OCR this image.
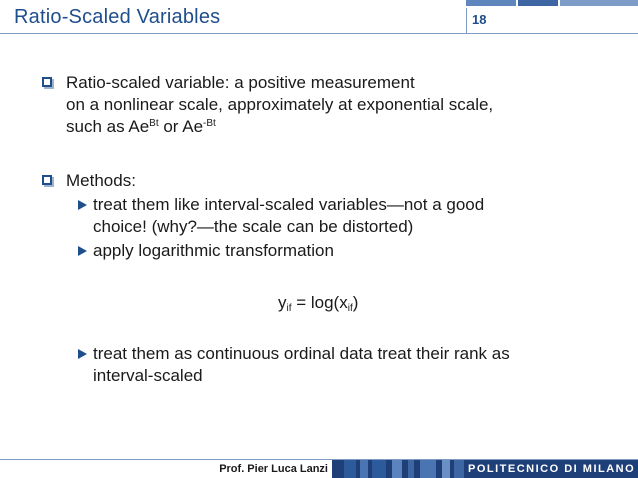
Ratio-Scaled Variables	18
Ratio-scaled variable: a positive measurement
on a nonlinear scale, approximately at exponential scale,
such as $Ae^{Bt}$ or $Ae^{-Bt}$
Methods:
treat them like interval-scaled variables—not a good
choice! (why?—the scale can be distorted)
apply logarithmic transformation
$y_{if} = \log(x_{if})$
treat them as continuous ordinal data treat their rank as
interval-scaled
Prof. Pier Luca Lanzi	POLITECNICO DI MILANO
